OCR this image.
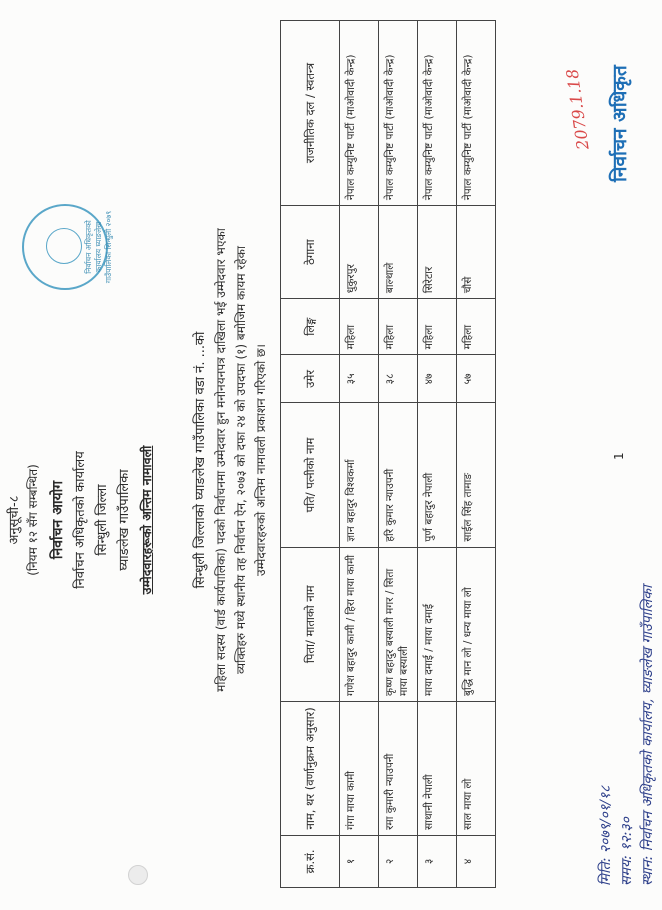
अनुसूची-८ (नियम १२ सँग सम्बन्धित) निर्वाचन आयोग निर्वाचन अधिकृतको कार्यालय सिन्धुली जिल्ला घ्याङलेख गाउँपालिका उम्मेदवारहरूको अन्तिम नामावली
निर्वाचन अधिकृतको कार्यालय घ्याङलेख गाउँपालिका सिन्धुली २०७९
सिन्धुली जिल्लाको घ्याङलेख गाउँपालिका वडा नं. ...को महिला सदस्य (वार्ड कार्यपालिका) पदको निर्वाचनमा उम्मेदवार हुन मनोनयनपत्र दाखिला भई उम्मेदवार भएका व्यक्तिहरु मध्ये स्थानीय तह निर्वाचन ऐन, २०७३ को दफा २४ को उपदफा (१) बमोजिम कायम रहेका उम्मेदवारहरुको अन्तिम नामावली प्रकाशन गरिएको छ।
क्र.सं.	नाम, थर (वर्णानुक्रम अनुसार)	पिता/ माताको नाम	पति/ पत्नीको नाम	उमेर	लिङ्ग	ठेगाना	राजनीतिक दल / स्वतन्त्र
१	गंगा माया कामी	गणेश बहादुर कामी / हिरा माया कामी	ज्ञान बहादुर विश्वकर्मा	३५	महिला	धुकुरपुर	नेपाल कम्युनिष्ट पार्टी (माओवादी केन्द्र)
२	रमा कुमारी न्याउपनी	कृष्ण बहादुर बस्याली मगर / सिता माया बस्याली	हरि कुमार न्याउपनी	३८	महिला	बाल्थाले	नेपाल कम्युनिष्ट पार्टी (माओवादी केन्द्र)
३	साथानी नेपाली	माया दमाई / माया दमाई	पुर्ण बहादुर नेपाली	४७	महिला	सिरेटार	नेपाल कम्युनिष्ट पार्टी (माओवादी केन्द्र)
४	साल माया लो	बुद्धि मान लो / धन्य माया लो	साईल सिंह तामाङ	५७	महिला	चौसे	नेपाल कम्युनिष्ट पार्टी (माओवादी केन्द्र)
मिति: २०७९/०१/१८ समय: १२:३० स्थान: निर्वाचन अधिकृतको कार्यालय, घ्याङलेख गाउँपालिका
1
2079.1.18 निर्वाचन अधिकृत
